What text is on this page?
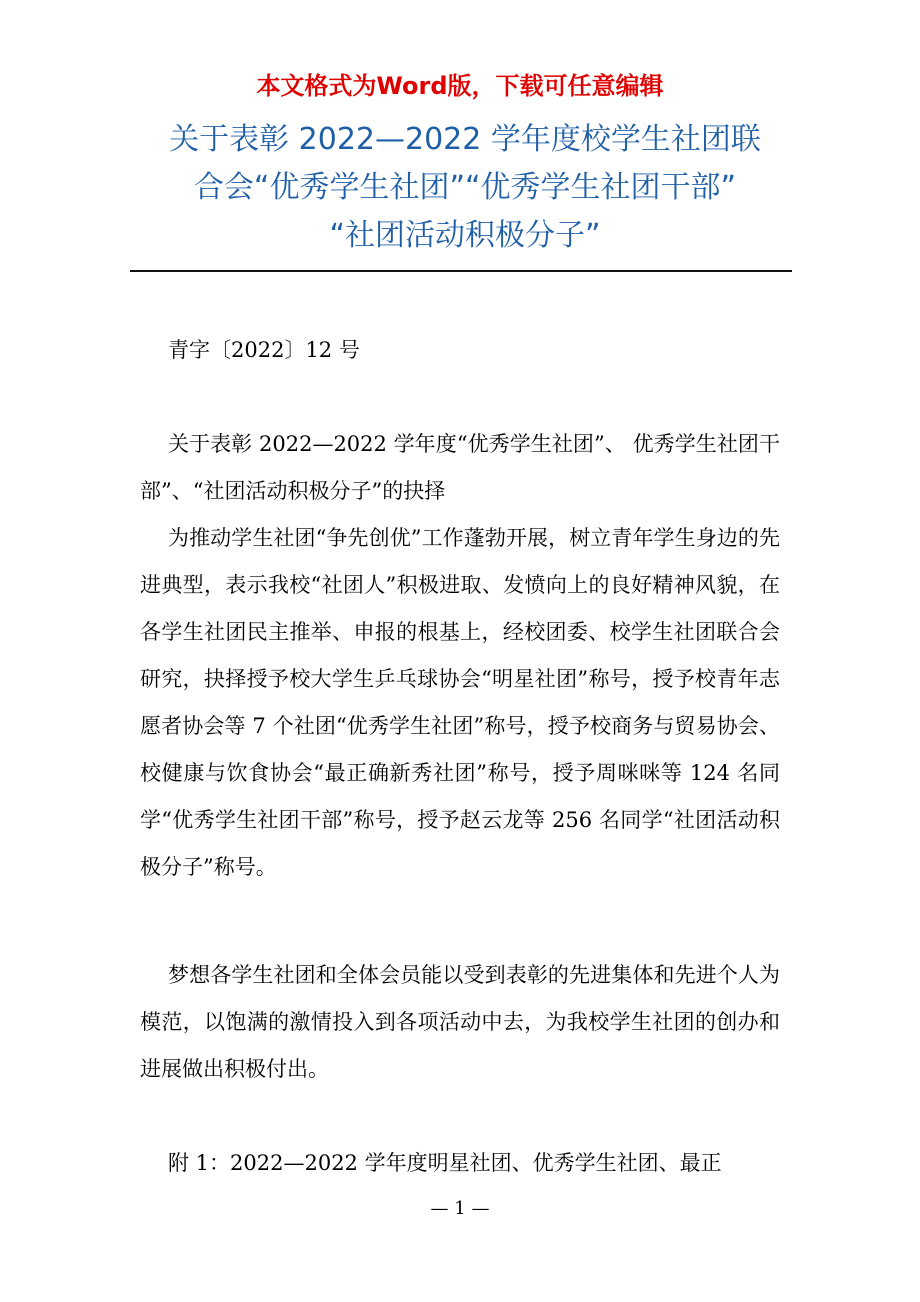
本文格式为Word版，下载可任意编辑

关于表彰 2022—2022 学年度校学生社团联
合会“优秀学生社团”“优秀学生社团干部”
“社团活动积极分子”

青字〔2022〕12 号

关于表彰 2022—2022 学年度“优秀学生社团”、 优秀学生社团干部”、“社团活动积极分子”的抉择

为推动学生社团“争先创优”工作蓬勃开展，树立青年学生身边的先进典型，表示我校“社团人”积极进取、发愤向上的良好精神风貌，在各学生社团民主推举、申报的根基上，经校团委、校学生社团联合会研究，抉择授予校大学生乒乓球协会“明星社团”称号，授予校青年志愿者协会等 7 个社团“优秀学生社团”称号，授予校商务与贸易协会、校健康与饮食协会“最正确新秀社团”称号，授予周咪咪等 124 名同学“优秀学生社团干部”称号，授予赵云龙等 256 名同学“社团活动积极分子”称号。

梦想各学生社团和全体会员能以受到表彰的先进集体和先进个人为模范，以饱满的激情投入到各项活动中去，为我校学生社团的创办和进展做出积极付出。

附 1：2022—2022 学年度明星社团、优秀学生社团、最正

— 1 —
